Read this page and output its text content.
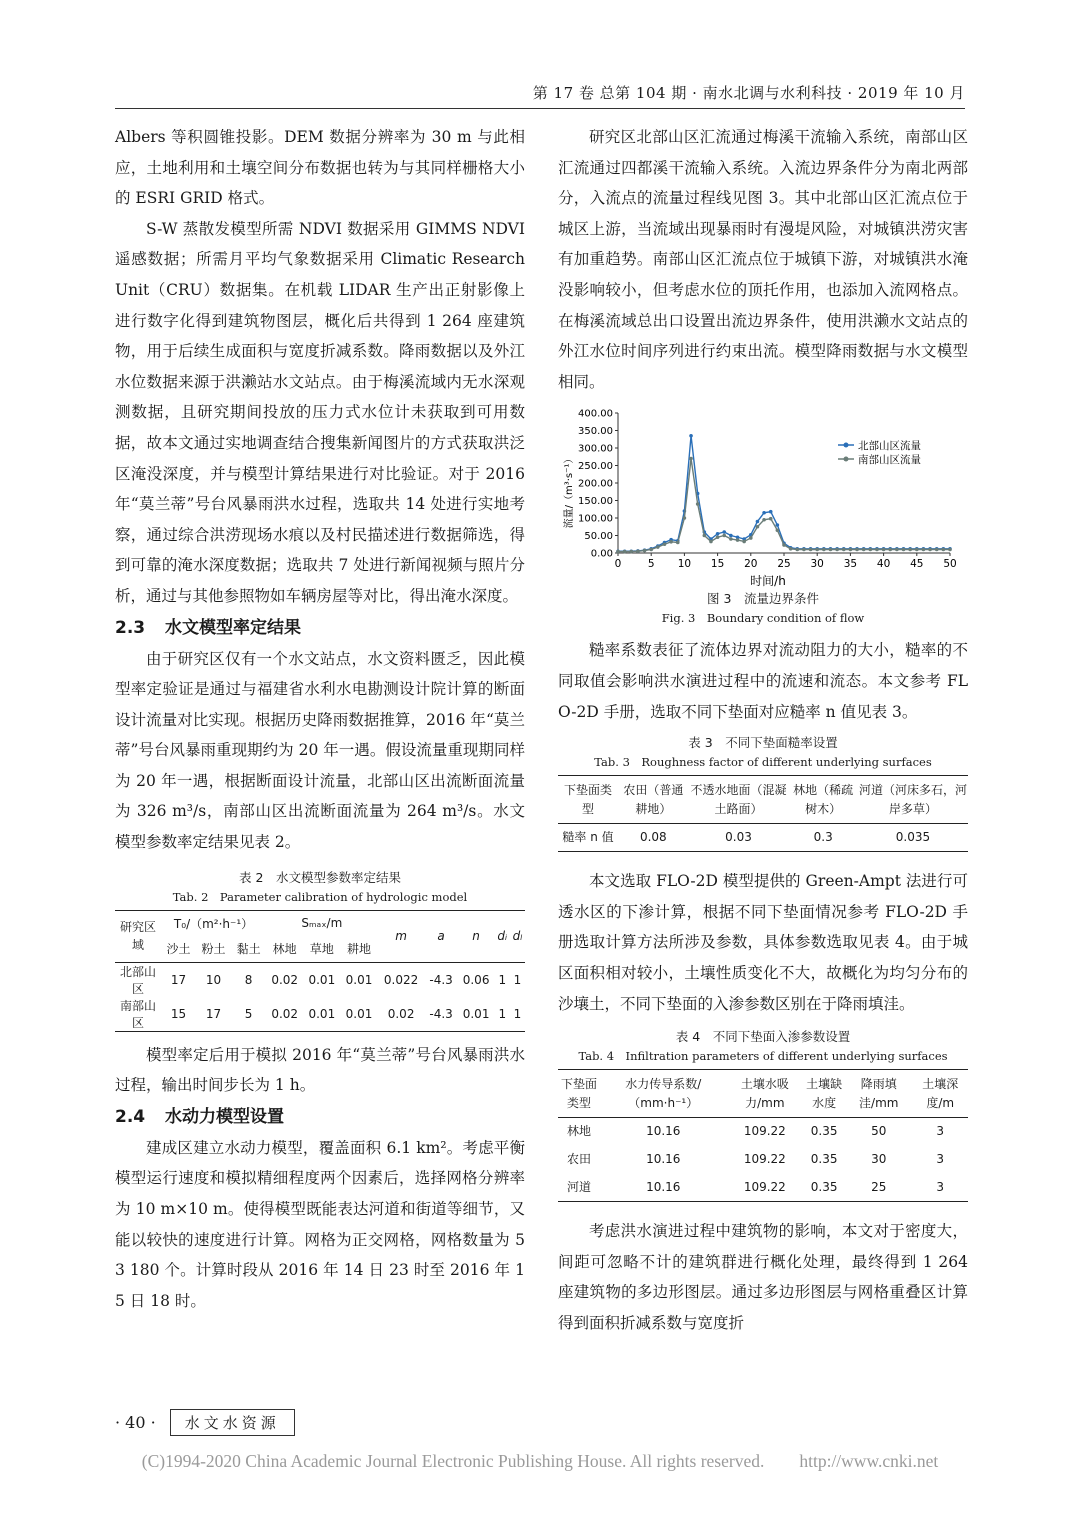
第 17 卷 总第 104 期 · 南水北调与水利科技 · 2019 年 10 月

Albers 等积圆锥投影。DEM 数据分辨率为 30 m 与此相应，土地利用和土壤空间分布数据也转为与其同样栅格大小的 ESRI GRID 格式。

S-W 蒸散发模型所需 NDVI 数据采用 GIMMS NDVI 遥感数据；所需月平均气象数据采用 Climatic Research Unit（CRU）数据集。在机载 LIDAR 生产出正射影像上进行数字化得到建筑物图层，概化后共得到 1 264 座建筑物，用于后续生成面积与宽度折减系数。降雨数据以及外江水位数据来源于洪濑站水文站点。由于梅溪流域内无水深观测数据，且研究期间投放的压力式水位计未获取到可用数据，故本文通过实地调查结合搜集新闻图片的方式获取洪泛区淹没深度，并与模型计算结果进行对比验证。对于 2016 年“莫兰蒂”号台风暴雨洪水过程，选取共 14 处进行实地考察，通过综合洪涝现场水痕以及村民描述进行数据筛选，得到可靠的淹水深度数据；选取共 7 处进行新闻视频与照片分析，通过与其他参照物如车辆房屋等对比，得出淹水深度。

2.3 水文模型率定结果

由于研究区仅有一个水文站点，水文资料匮乏，因此模型率定验证是通过与福建省水利水电勘测设计院计算的断面设计流量对比实现。根据历史降雨数据推算，2016 年“莫兰蒂”号台风暴雨重现期约为 20 年一遇。假设流量重现期同样为 20 年一遇，根据断面设计流量，北部山区出流断面流量为 326 m³/s，南部山区出流断面流量为 264 m³/s。水文模型参数率定结果见表 2。

表 2　水文模型参数率定结果

Tab. 2　Parameter calibration of hydrologic model

研究区域	T₀/（m²·h⁻¹）			Sₘₐₓ/m			m	a	n	dᵢ	dₗ
	沙土	粉土	黏土	林地	草地	耕地					
北部山区	17	10	8	0.02	0.01	0.01	0.022	-4.3	0.06	1	1
南部山区	15	17	5	0.02	0.01	0.01	0.02	-4.3	0.01	1	1

模型率定后用于模拟 2016 年“莫兰蒂”号台风暴雨洪水过程，输出时间步长为 1 h。

2.4 水动力模型设置

建成区建立水动力模型，覆盖面积 6.1 km²。考虑平衡模型运行速度和模拟精细程度两个因素后，选择网格分辨率为 10 m×10 m。使得模型既能表达河道和街道等细节，又能以较快的速度进行计算。网格为正交网格，网格数量为 53 180 个。计算时段从 2016 年 14 日 23 时至 2016 年 15 日 18 时。

研究区北部山区汇流通过梅溪干流输入系统，南部山区汇流通过四都溪干流输入系统。入流边界条件分为南北两部分，入流点的流量过程线见图 3。其中北部山区汇流点位于城区上游，当流域出现暴雨时有漫堤风险，对城镇洪涝灾害有加重趋势。南部山区汇流点位于城镇下游，对城镇洪水淹没影响较小，但考虑水位的顶托作用，也添加入流网格点。在梅溪流域总出口设置出流边界条件，使用洪濑水文站点的外江水位时间序列进行约束出流。模型降雨数据与水文模型相同。

0.00
50.00
100.00
150.00
200.00
250.00
300.00
350.00
400.00
0	5 10 15 20 25 30 35 40 45 50
时间/h
流量/（m³·s⁻¹）
北部山区流量
南部山区流量

图 3　流量边界条件

Fig. 3　Boundary condition of flow

糙率系数表征了流体边界对流动阻力的大小，糙率的不同取值会影响洪水演进过程中的流速和流态。本文参考 FLO-2D 手册，选取不同下垫面对应糙率 n 值见表 3。

表 3　不同下垫面糙率设置

Tab. 3　Roughness factor of different underlying surfaces

下垫面类型	农田（普通耕地）	不透水地面（混凝土路面）	林地（稀疏树木）	河道（河床多石，河岸多草）
糙率 n 值	0.08	0.03	0.3	0.035

本文选取 FLO-2D 模型提供的 Green-Ampt 法进行可透水区的下渗计算，根据不同下垫面情况参考 FLO-2D 手册选取计算方法所涉及参数，具体参数选取见表 4。由于城区面积相对较小，土壤性质变化不大，故概化为均匀分布的沙壤土，不同下垫面的入渗参数区别在于降雨填洼。

表 4　不同下垫面入渗参数设置

Tab. 4　Infiltration parameters of different underlying surfaces

下垫面类型	水力传导系数/（mm·h⁻¹）	土壤水吸力/mm	土壤缺水度	降雨填洼/mm	土壤深度/m
林地	10.16	109.22	0.35	50	3
农田	10.16	109.22	0.35	30	3
河道	10.16	109.22	0.35	25	3

考虑洪水演进过程中建筑物的影响，本文对于密度大，间距可忽略不计的建筑群进行概化处理，最终得到 1 264 座建筑物的多边形图层。通过多边形图层与网格重叠区计算得到面积折减系数与宽度折

· 40 ·	水文水资源
(C)1994-2020 China Academic Journal Electronic Publishing House. All rights reserved.　　http://www.cnki.net
